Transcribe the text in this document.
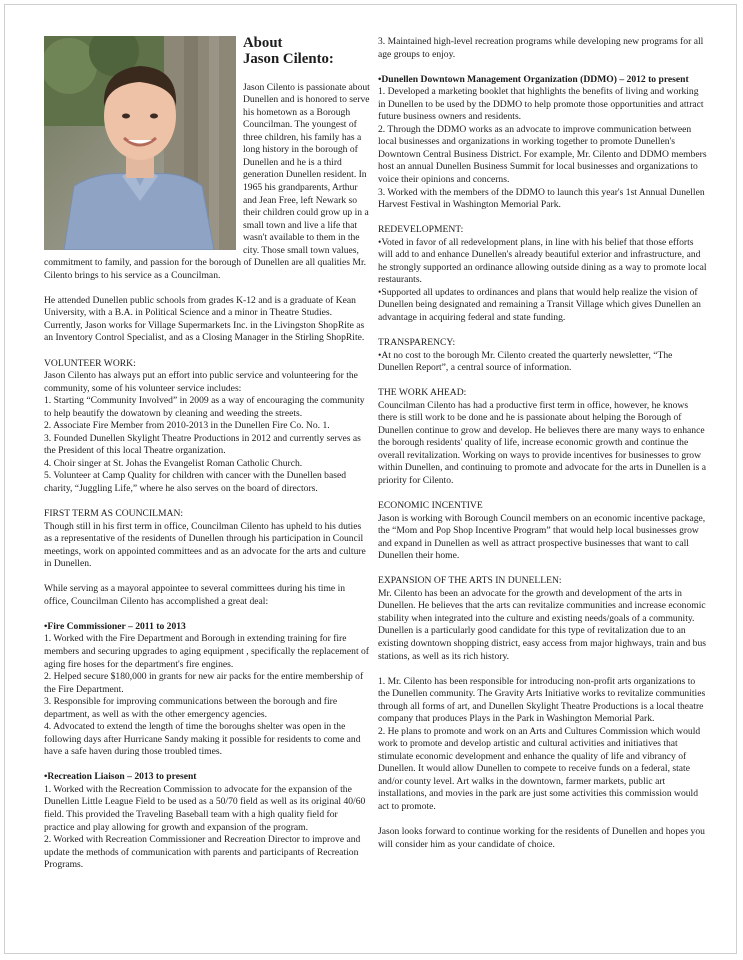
About
Jason Cilento:

Jason Cilento is passionate about Dunellen and is honored to serve his hometown as a Borough Councilman. The youngest of three children, his family has a long history in the borough of Dunellen and he is a third generation Dunellen resident. In 1965 his grandparents, Arthur and Jean Free, left Newark so their children could grow up in a small town and live a life that wasn't available to them in the city. Those small town values, commitment to family, and passion for the borough of Dunellen are all qualities Mr. Cilento brings to his service as a Councilman.

He attended Dunellen public schools from grades K-12 and is a graduate of Kean University, with a B.A. in Political Science and a minor in Theatre Studies. Currently, Jason works for Village Supermarkets Inc. in the Livingston ShopRite as an Inventory Control Specialist, and as a Closing Manager in the Stirling ShopRite.

VOLUNTEER WORK:

Jason Cilento has always put an effort into public service and volunteering for the community, some of his volunteer service includes:

1. Starting “Community Involved” in 2009 as a way of encouraging the community to help beautify the dowatown by cleaning and weeding the streets.

2. Associate Fire Member from 2010-2013 in the Dunellen Fire Co. No. 1.

3. Founded Dunellen Skylight Theatre Productions in 2012 and currently serves as the President of this local Theatre organization.

4. Choir singer at St. Johas the Evangelist Roman Catholic Church.

5. Volunteer at Camp Quality for children with cancer with the Dunellen based charity, “Juggling Life,” where he also serves on the board of directors.

FIRST TERM AS COUNCILMAN:

Though still in his first term in office, Councilman Cilento has upheld to his duties as a representative of the residents of Dunellen through his participation in Council meetings, work on appointed committees and as an advocate for the arts and culture in Dunellen.

While serving as a mayoral appointee to several committees during his time in office, Councilman Cilento has accomplished a great deal:

• Fire Commissioner – 2011 to 2013

1. Worked with the Fire Department and Borough in extending training for fire members and securing upgrades to aging equipment , specifically the replacement of aging fire hoses for the department's fire engines.

2. Helped secure $180,000 in grants for new air packs for the entire membership of the Fire Department.

3. Responsible for improving communications between the borough and fire department, as well as with the other emergency agencies.

4. Advocated to extend the length of time the boroughs shelter was open in the following days after Hurricane Sandy making it possible for residents to come and have a safe haven during those troubled times.

• Recreation Liaison – 2013 to present

1. Worked with the Recreation Commission to advocate for the expansion of the Dunellen Little League Field to be used as a 50/70 field as well as its original 40/60 field. This provided the Traveling Baseball team with a high quality field for practice and play allowing for growth and expansion of the program.

2. Worked with Recreation Commissioner and Recreation Director to improve and update the methods of communication with parents and participants of Recreation Programs.

3. Maintained high-level recreation programs while developing new programs for all age groups to enjoy.

• Dunellen Downtown Management Organization (DDMO) – 2012 to present

1. Developed a marketing booklet that highlights the benefits of living and working in Dunellen to be used by the DDMO to help promote those opportunities and attract future business owners and residents.

2. Through the DDMO works as an advocate to improve communication between local businesses and organizations in working together to promote Dunellen's Downtown Central Business District. For example, Mr. Cilento and DDMO members host an annual Dunellen Business Summit for local businesses and organizations to voice their opinions and concerns.

3. Worked with the members of the DDMO to launch this year's 1st Annual Dunellen Harvest Festival in Washington Memorial Park.

REDEVELOPMENT:

• Voted in favor of all redevelopment plans, in line with his belief that those efforts will add to and enhance Dunellen's already beautiful exterior and infrastructure, and he strongly supported an ordinance allowing outside dining as a way to promote local restaurants.

• Supported all updates to ordinances and plans that would help realize the vision of Dunellen being designated and remaining a Transit Village which gives Dunellen an advantage in acquiring federal and state funding.

TRANSPARENCY:

• At no cost to the borough Mr. Cilento created the quarterly newsletter, “The Dunellen Report”, a central source of information.

THE WORK AHEAD:

Councilman Cilento has had a productive first term in office, however, he knows there is still work to be done and he is passionate about helping the Borough of Dunellen continue to grow and develop. He believes there are many ways to enhance the borough residents' quality of life, increase economic growth and continue the overall revitalization. Working on ways to provide incentives for businesses to grow within Dunellen, and continuing to promote and advocate for the arts in Dunellen is a priority for Cilento.

ECONOMIC INCENTIVE

Jason is working with Borough Council members on an economic incentive package, the “Mom and Pop Shop Incentive Program” that would help local businesses grow and expand in Dunellen as well as attract prospective businesses that want to call Dunellen their home.

EXPANSION OF THE ARTS IN DUNELLEN:

Mr. Cilento has been an advocate for the growth and development of the arts in Dunellen. He believes that the arts can revitalize communities and increase economic stability when integrated into the culture and existing needs/goals of a community. Dunellen is a particularly good candidate for this type of revitalization due to an existing downtown shopping district, easy access from major highways, train and bus stations, as well as its rich history.

1. Mr. Cilento has been responsible for introducing non-profit arts organizations to the Dunellen community. The Gravity Arts Initiative works to revitalize communities through all forms of art, and Dunellen Skylight Theatre Productions is a local theatre company that produces Plays in the Park in Washington Memorial Park.

2. He plans to promote and work on an Arts and Cultures Commission which would work to promote and develop artistic and cultural activities and initiatives that stimulate economic development and enhance the quality of life and vibrancy of Dunellen. It would allow Dunellen to compete to receive funds on a federal, state and/or county level. Art walks in the downtown, farmer markets, public art installations, and movies in the park are just some activities this commission would act to promote.

Jason looks forward to continue working for the residents of Dunellen and hopes you will consider him as your candidate of choice.
